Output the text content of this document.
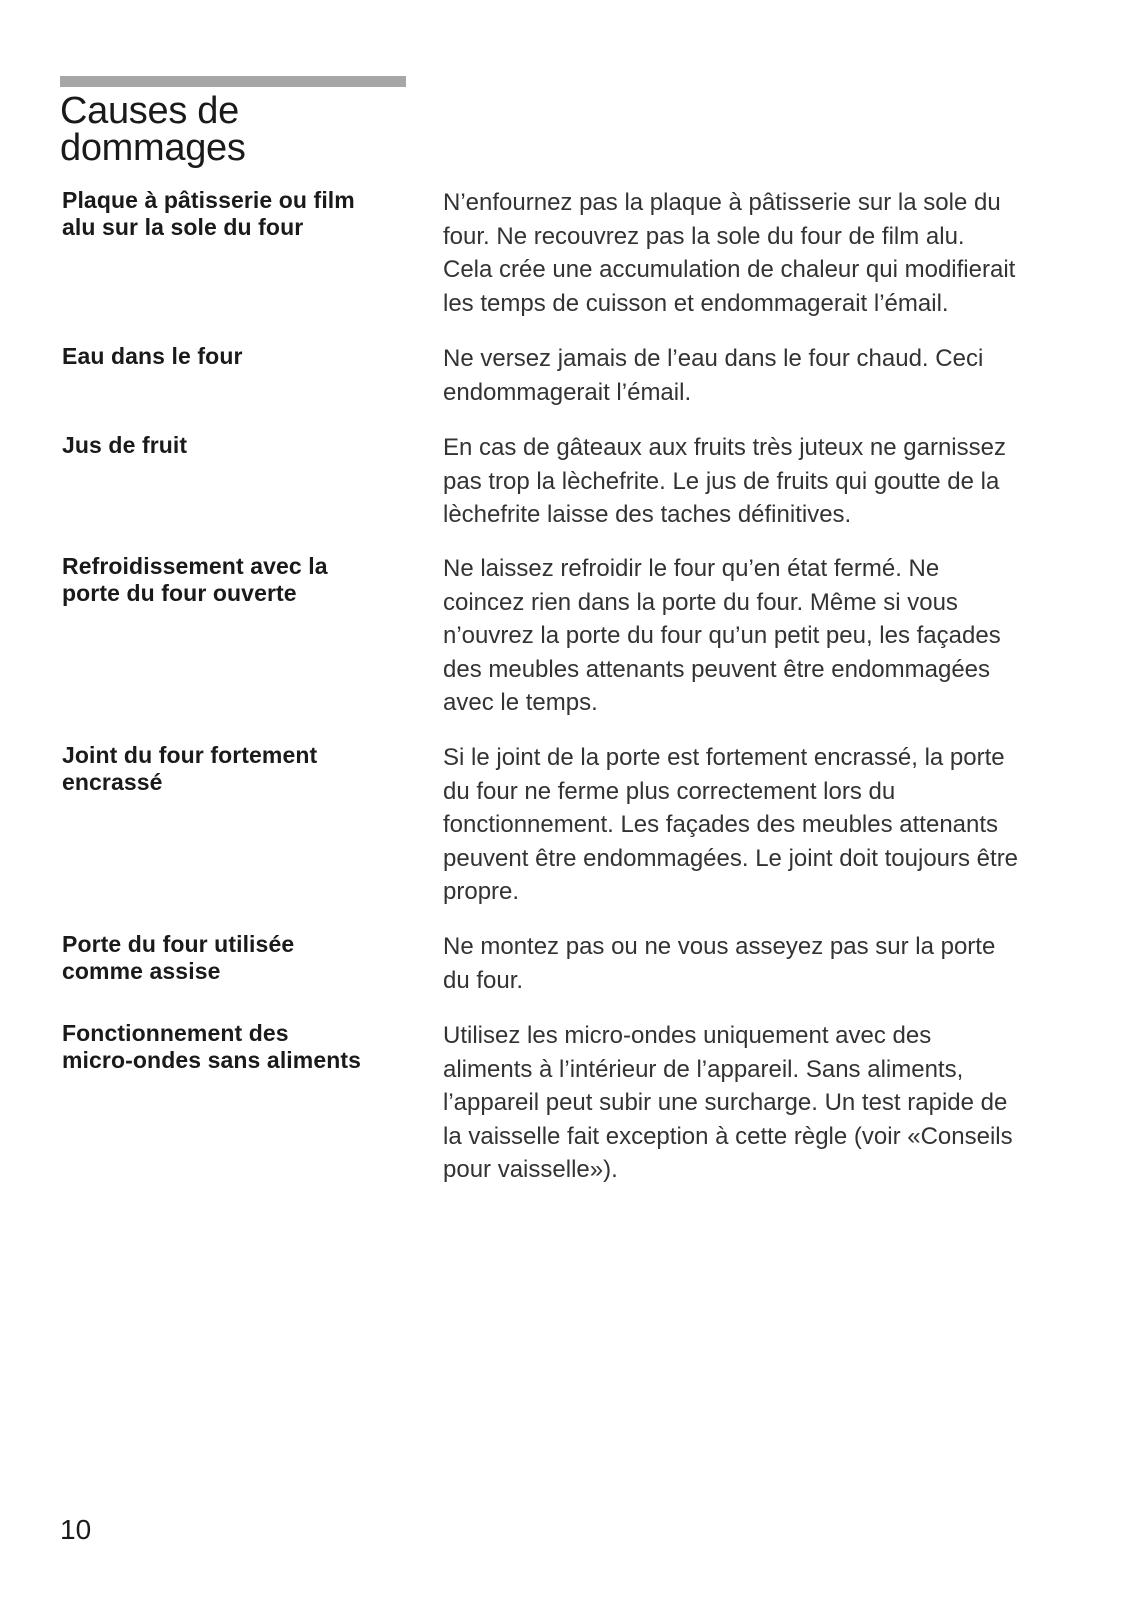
Causes de
dommages
Plaque à pâtisserie ou film
alu sur la sole du four

N’enfournez pas la plaque à pâtisserie sur la sole du
four. Ne recouvrez pas la sole du four de film alu.
Cela crée une accumulation de chaleur qui modifierait
les temps de cuisson et endommagerait l’émail.

Eau dans le four	Ne versez jamais de l’eau dans le four chaud. Ceci
endommagerait l’émail.

Jus de fruit	En cas de gâteaux aux fruits très juteux ne garnissez
pas trop la lèchefrite. Le jus de fruits qui goutte de la
lèchefrite laisse des taches définitives.

Refroidissement avec la
porte du four ouverte

Ne laissez refroidir le four qu’en état fermé. Ne
coincez rien dans la porte du four. Même si vous
n’ouvrez la porte du four qu’un petit peu, les façades
des meubles attenants peuvent être endommagées
avec le temps.

Joint du four fortement
encrassé

Si le joint de la porte est fortement encrassé, la porte
du four ne ferme plus correctement lors du
fonctionnement. Les façades des meubles attenants
peuvent être endommagées. Le joint doit toujours être
propre.

Porte du four utilisée
comme assise

Ne montez pas ou ne vous asseyez pas sur la porte
du four.

Fonctionnement des
micro-ondes sans aliments

Utilisez les micro-ondes uniquement avec des
aliments à l’intérieur de l’appareil. Sans aliments,
l’appareil peut subir une surcharge. Un test rapide de
la vaisselle fait exception à cette règle (voir «Conseils
pour vaisselle»).

10
